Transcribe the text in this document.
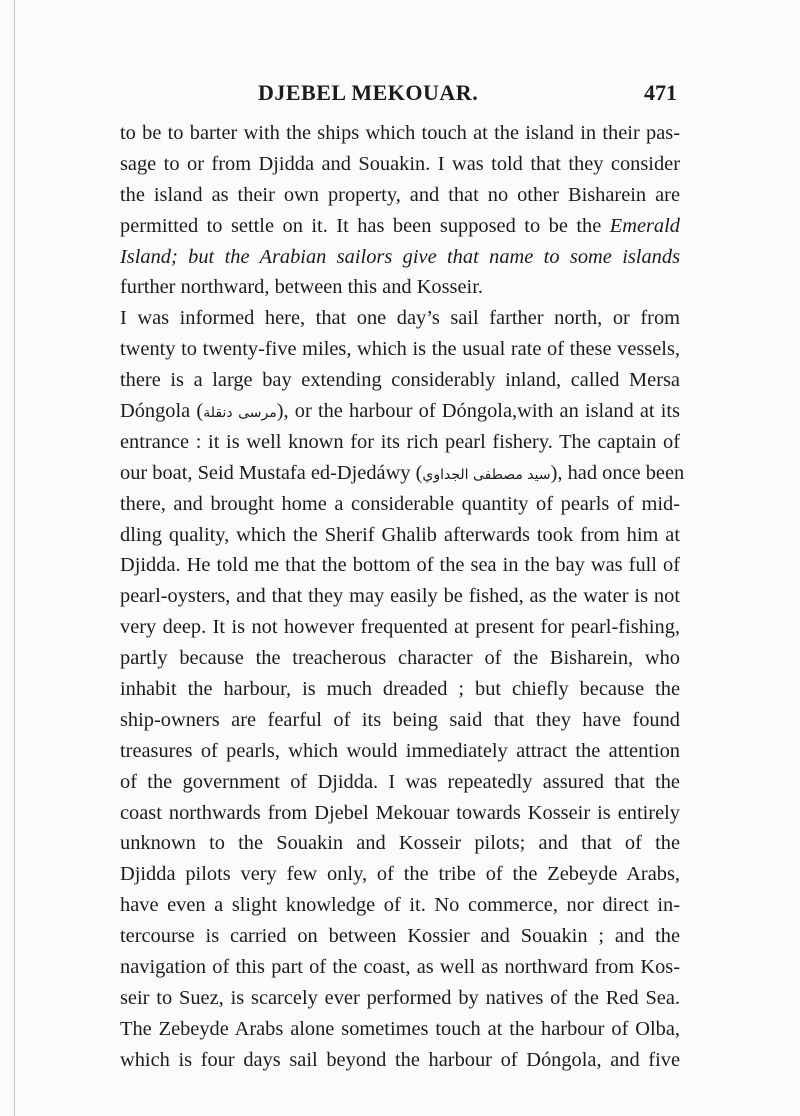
DJEBEL MEKOUAR.	471
to be to barter with the ships which touch at the island in their pas-
sage to or from Djidda and Souakin. I was told that they consider
the island as their own property, and that no other Bisharein are
permitted to settle on it. It has been supposed to be the Emerald
Island; but the Arabian sailors give that name to some islands
further northward, between this and Kosseir.
I was informed here, that one day’s sail farther north, or from
twenty to twenty-five miles, which is the usual rate of these vessels,
there is a large bay extending considerably inland, called Mersa
Dóngola (مرسى دنقلة), or the harbour of Dóngola,with an island at its
entrance : it is well known for its rich pearl fishery. The captain of
our boat, Seid Mustafa ed-Djedáwy (سيد مصطفى الجداوي), had once been
there, and brought home a considerable quantity of pearls of mid-
dling quality, which the Sherif Ghalib afterwards took from him at
Djidda. He told me that the bottom of the sea in the bay was full of
pearl-oysters, and that they may easily be fished, as the water is not
very deep. It is not however frequented at present for pearl-fishing,
partly because the treacherous character of the Bisharein, who
inhabit the harbour, is much dreaded ; but chiefly because the
ship-owners are fearful of its being said that they have found
treasures of pearls, which would immediately attract the attention
of the government of Djidda. I was repeatedly assured that the
coast northwards from Djebel Mekouar towards Kosseir is entirely
unknown to the Souakin and Kosseir pilots; and that of the
Djidda pilots very few only, of the tribe of the Zebeyde Arabs,
have even a slight knowledge of it. No commerce, nor direct in-
tercourse is carried on between Kossier and Souakin ; and the
navigation of this part of the coast, as well as northward from Kos-
seir to Suez, is scarcely ever performed by natives of the Red Sea.
The Zebeyde Arabs alone sometimes touch at the harbour of Olba,
which is four days sail beyond the harbour of Dóngola, and five
